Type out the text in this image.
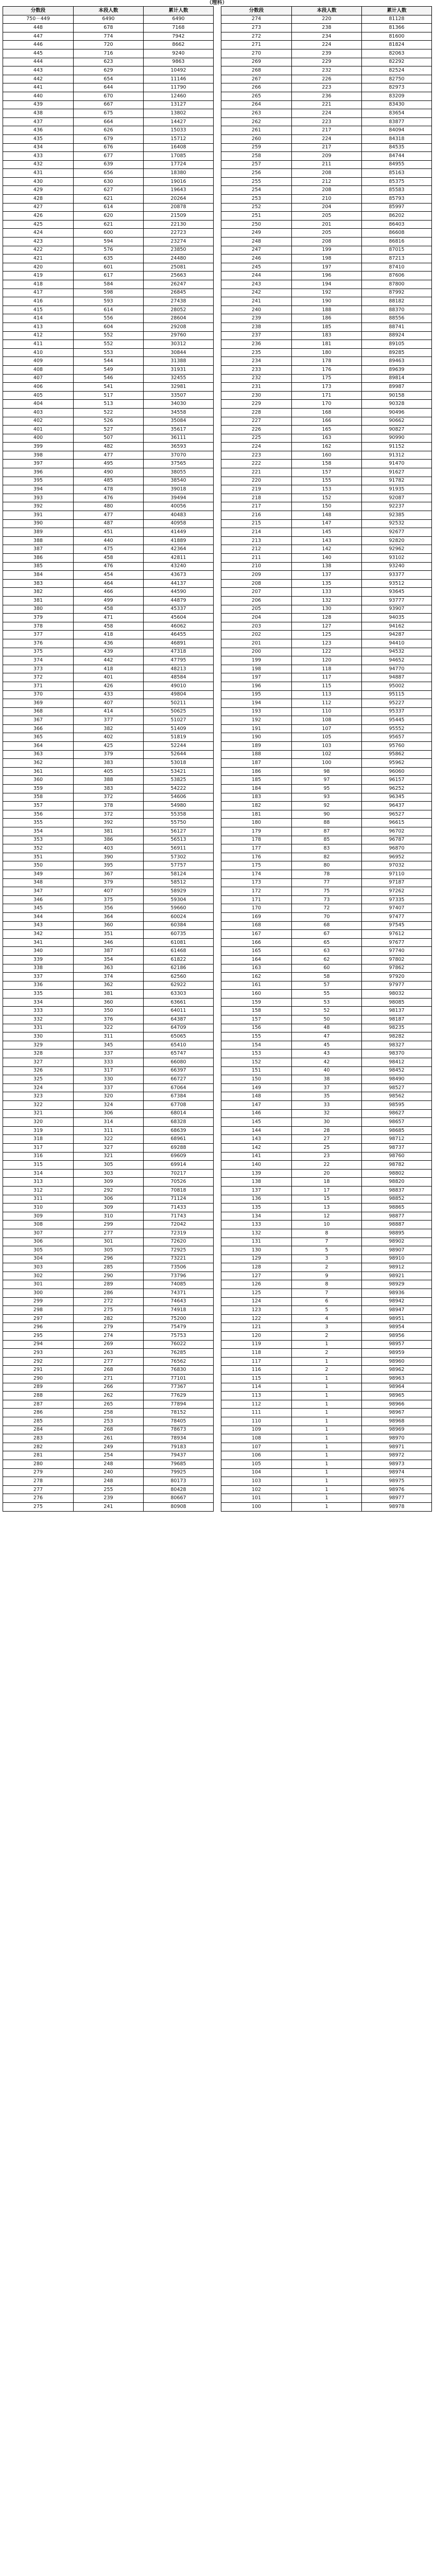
（理科）
分数段	本段人数	累计人数
750－449	6490	6490
448	678	7168
447	774	7942
446	720	8662
445	716	9240
444	623	9863
443	629	10492
442	654	11146
441	644	11790
440	670	12460
439	667	13127
438	675	13802
437	664	14427
436	626	15033
435	679	15712
434	676	16408
433	677	17085
432	639	17724
431	656	18380
430	630	19016
429	627	19643
428	621	20264
427	614	20878
426	620	21509
425	621	22130
424	600	22723
423	594	23274
422	576	23850
421	635	24480
420	601	25081
419	617	25663
418	584	26247
417	598	26845
416	593	27438
415	614	28052
414	556	28604
413	604	29208
412	552	29760
411	552	30312
410	553	30844
409	544	31388
408	549	31931
407	546	32455
406	541	32981
405	517	33507
404	513	34030
403	522	34558
402	526	35084
401	527	35617
400	507	36111
399	482	36593
398	477	37070
397	495	37565
396	490	38055
395	485	38540
394	478	39018
393	476	39494
392	480	40056
391	477	40483
390	487	40958
389	451	41449
388	440	41889
387	475	42364
386	458	42811
385	476	43240
384	454	43673
383	464	44137
382	466	44590
381	499	44879
380	458	45337
379	471	45604
378	458	46062
377	418	46455
376	436	46891
375	439	47318
374	442	47795
373	418	48213
372	401	48584
371	426	49010
370	433	49804
369	407	50211
368	414	50625
367	377	51027
366	382	51409
365	402	51819
364	425	52244
363	379	52644
362	383	53018
361	405	53421
360	388	53825
359	383	54222
358	372	54606
357	378	54980
356	372	55358
355	392	55750
354	381	56127
353	386	56513
352	403	56911
351	390	57302
350	395	57757
349	367	58124
348	379	58512
347	407	58929
346	375	59304
345	356	59660
344	364	60024
343	360	60384
342	351	60735
341	346	61081
340	387	61468
339	354	61822
338	363	62186
337	374	62560
336	362	62922
335	381	63303
334	360	63661
333	350	64011
332	376	64387
331	322	64709
330	311	65065
329	345	65410
328	337	65747
327	333	66080
326	317	66397
325	330	66727
324	337	67064
323	320	67384
322	324	67708
321	306	68014
320	314	68328
319	311	68639
318	322	68961
317	327	69288
316	321	69609
315	305	69914
314	303	70217
313	309	70526
312	292	70818
311	306	71124
310	309	71433
309	310	71743
308	299	72042
307	277	72319
306	301	72620
305	305	72925
304	296	73221
303	285	73506
302	290	73796
301	289	74085
300	286	74371
299	272	74643
298	275	74918
297	282	75200
296	279	75479
295	274	75753
294	269	76022
293	263	76285
292	277	76562
291	268	76830
290	271	77101
289	266	77367
288	262	77629
287	265	77894
286	258	78152
285	253	78405
284	268	78673
283	261	78934
282	249	79183
281	254	79437
280	248	79685
279	240	79925
278	248	80173
277	255	80428
276	239	80667
275	241	80908
分数段	本段人数	累计人数
274	220	81128
273	238	81366
272	234	81600
271	224	81824
270	239	82063
269	229	82292
268	232	82524
267	226	82750
266	223	82973
265	236	83209
264	221	83430
263	224	83654
262	223	83877
261	217	84094
260	224	84318
259	217	84535
258	209	84744
257	211	84955
256	208	85163
255	212	85375
254	208	85583
253	210	85793
252	204	85997
251	205	86202
250	201	86403
249	205	86608
248	208	86816
247	199	87015
246	198	87213
245	197	87410
244	196	87606
243	194	87800
242	192	87992
241	190	88182
240	188	88370
239	186	88556
238	185	88741
237	183	88924
236	181	89105
235	180	89285
234	178	89463
233	176	89639
232	175	89814
231	173	89987
230	171	90158
229	170	90328
228	168	90496
227	166	90662
226	165	90827
225	163	90990
224	162	91152
223	160	91312
222	158	91470
221	157	91627
220	155	91782
219	153	91935
218	152	92087
217	150	92237
216	148	92385
215	147	92532
214	145	92677
213	143	92820
212	142	92962
211	140	93102
210	138	93240
209	137	93377
208	135	93512
207	133	93645
206	132	93777
205	130	93907
204	128	94035
203	127	94162
202	125	94287
201	123	94410
200	122	94532
199	120	94652
198	118	94770
197	117	94887
196	115	95002
195	113	95115
194	112	95227
193	110	95337
192	108	95445
191	107	95552
190	105	95657
189	103	95760
188	102	95862
187	100	95962
186	98	96060
185	97	96157
184	95	96252
183	93	96345
182	92	96437
181	90	96527
180	88	96615
179	87	96702
178	85	96787
177	83	96870
176	82	96952
175	80	97032
174	78	97110
173	77	97187
172	75	97262
171	73	97335
170	72	97407
169	70	97477
168	68	97545
167	67	97612
166	65	97677
165	63	97740
164	62	97802
163	60	97862
162	58	97920
161	57	97977
160	55	98032
159	53	98085
158	52	98137
157	50	98187
156	48	98235
155	47	98282
154	45	98327
153	43	98370
152	42	98412
151	40	98452
150	38	98490
149	37	98527
148	35	98562
147	33	98595
146	32	98627
145	30	98657
144	28	98685
143	27	98712
142	25	98737
141	23	98760
140	22	98782
139	20	98802
138	18	98820
137	17	98837
136	15	98852
135	13	98865
134	12	98877
133	10	98887
132	8	98895
131	7	98902
130	5	98907
129	3	98910
128	2	98912
127	9	98921
126	8	98929
125	7	98936
124	6	98942
123	5	98947
122	4	98951
121	3	98954
120	2	98956
119	1	98957
118	2	98959
117	1	98960
116	2	98962
115	1	98963
114	1	98964
113	1	98965
112	1	98966
111	1	98967
110	1	98968
109	1	98969
108	1	98970
107	1	98971
106	1	98972
105	1	98973
104	1	98974
103	1	98975
102	1	98976
101	1	98977
100	1	98978
